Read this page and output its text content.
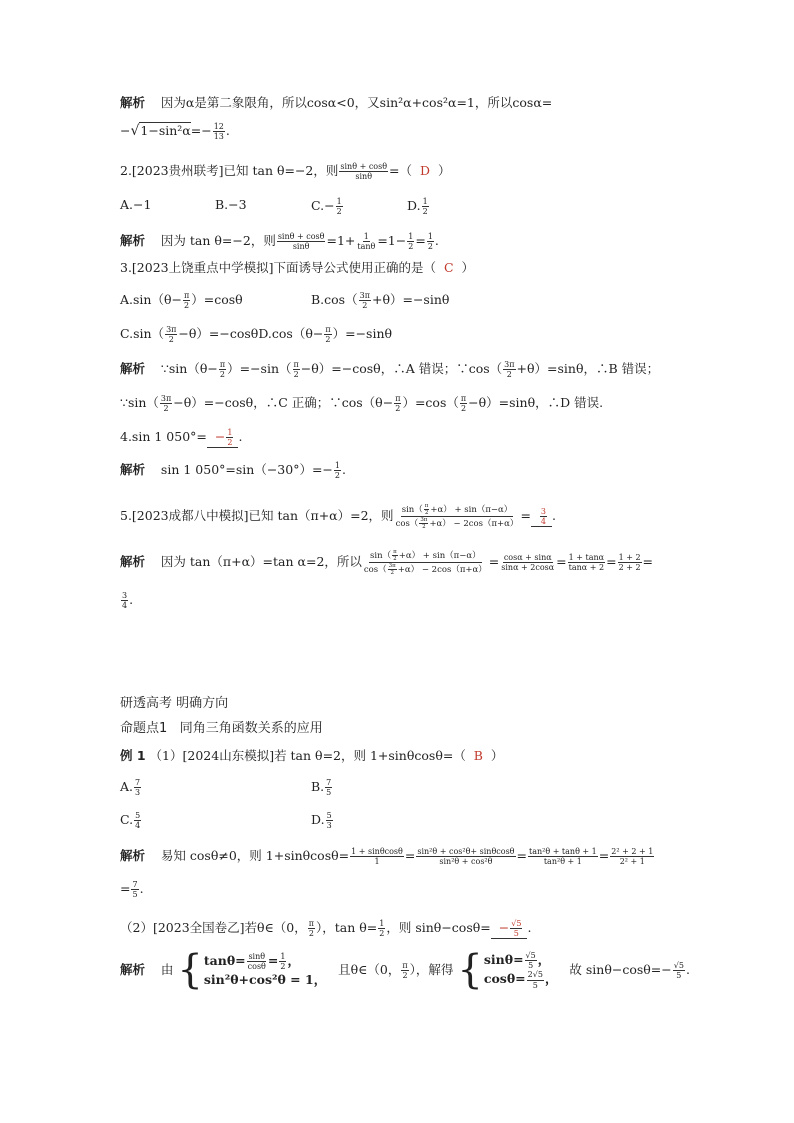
解析 因为α是第二象限角，所以cosα<0，又sin²α+cos²α=1，所以cosα=
$-√1-\sin^2\alpha=- \frac{12}{13}$ .
2.[2023贵州联考]已知 tan θ=−2，则 $\frac{\sin\theta + \cos\theta}{\sin\theta}$ =（ D ）
A.−1	B.−3	$C.- \frac{1}{2}$	D. $\frac{1}{2}$
解析 因为 tan θ=−2，则 $\frac{\sin\theta + \cos\theta}{\sin\theta} =1+ \frac{1}{\tan\theta} =1- \frac{1}{2} = \frac{1}{2}$ .
3.[2023上饶重点中学模拟]下面诱导公式使用正确的是（ C ）
$A.\sin(\theta- \frac{\pi}{2} )=\cos\theta$	$B.\cos( \frac{3\pi}{2} +\theta)=-\sin\theta$
$C.\sin( \frac{3\pi}{2} -\theta)=-\cos\theta D.\cos(\theta- \frac{\pi}{2} )=-\sin\theta$
解析 ∵sin（θ− $\frac{\pi}{2} )=-\sin( \frac{\pi}{2} -\theta)=-\cos\theta$，∴A 错误；∵cos（ $\frac{3\pi}{2} +\theta)=\sin\theta$，∴B 错误；
∵sin（ $\frac{3\pi}{2} -\theta)=-\cos\theta$，∴C 正确；∵cos（θ− $\frac{\pi}{2} )=\cos( \frac{\pi}{2} -\theta)=\sin\theta$，∴D 错误.
4.sin 1 $050^\circ= - \frac{1}{2}$ .
解析 sin 1 $050^\circ=\sin(-30^\circ)=- \frac{1}{2}$ .
5.[2023成都八中模拟]已知 tan（π+α）=2，则 $\frac{\sin( \frac{\pi}{2} +\alpha) + \sin(\pi-\alpha)}{\cos( \frac{3\pi}{2} +\alpha) - 2\cos(\pi+\alpha)} = \frac{3}{4}$ .
解析 因为 tan（π+α）=tan α=2，所以 $\frac{\sin( \frac{\pi}{2} +\alpha) + \sin(\pi-\alpha)}{\cos( \frac{3\pi}{2} +\alpha) - 2\cos(\pi+\alpha)} = \frac{\cos\alpha + \sin\alpha}{\sin\alpha + 2\cos\alpha} = \frac{1 + \tan\alpha}{\tan\alpha + 2} = \frac{1 + 2}{2 + 2}$ =
$\frac{3}{4}$ .
研透高考 明确方向
命题点1 同角三角函数关系的应用
例 1 （1）[2024山东模拟]若 tan θ=2，则 1+sinθcosθ=（ B ）
A. $\frac{7}{3}$	B. $\frac{7}{5}$
C. $\frac{5}{4}$	D. $\frac{5}{3}$
解析 易知 cosθ≠0，则 $1+\sin\theta\cos\theta= \frac{1 + \sin\theta\cos\theta}{1} = \frac{\text{sin²θ + cos²θ+ sinθcosθ}}{\text{sin²θ + cos²θ}} = \frac{\text{tan²θ + tanθ + 1}}{\text{tan²θ + 1}} = \frac{\text{2² + 2 + 1}}{\text{2² + 1}}$
= $\frac{7}{5}$ .
（2）[2023全国卷乙]若θ∈（0， $\frac{\pi}{2}$ ），$\tan \theta= \frac{1}{2}$ ，则 $\sin\theta-\cos\theta= - \frac{√5}{5}$ .
解析 由 { $\tan\theta= \frac{\sin\theta}{\cos\theta} = \frac{1}{2}$ ，
sin²θ+cos²θ = 1，
且θ∈（0， $\frac{\pi}{2}$ ），解得 { $\sin\theta= \frac{√5}{5}$ ，
$\cos\theta= \frac{2√5}{5}$ ，
故 $\sin\theta-\cos\theta=- \frac{√5}{5}$ .
